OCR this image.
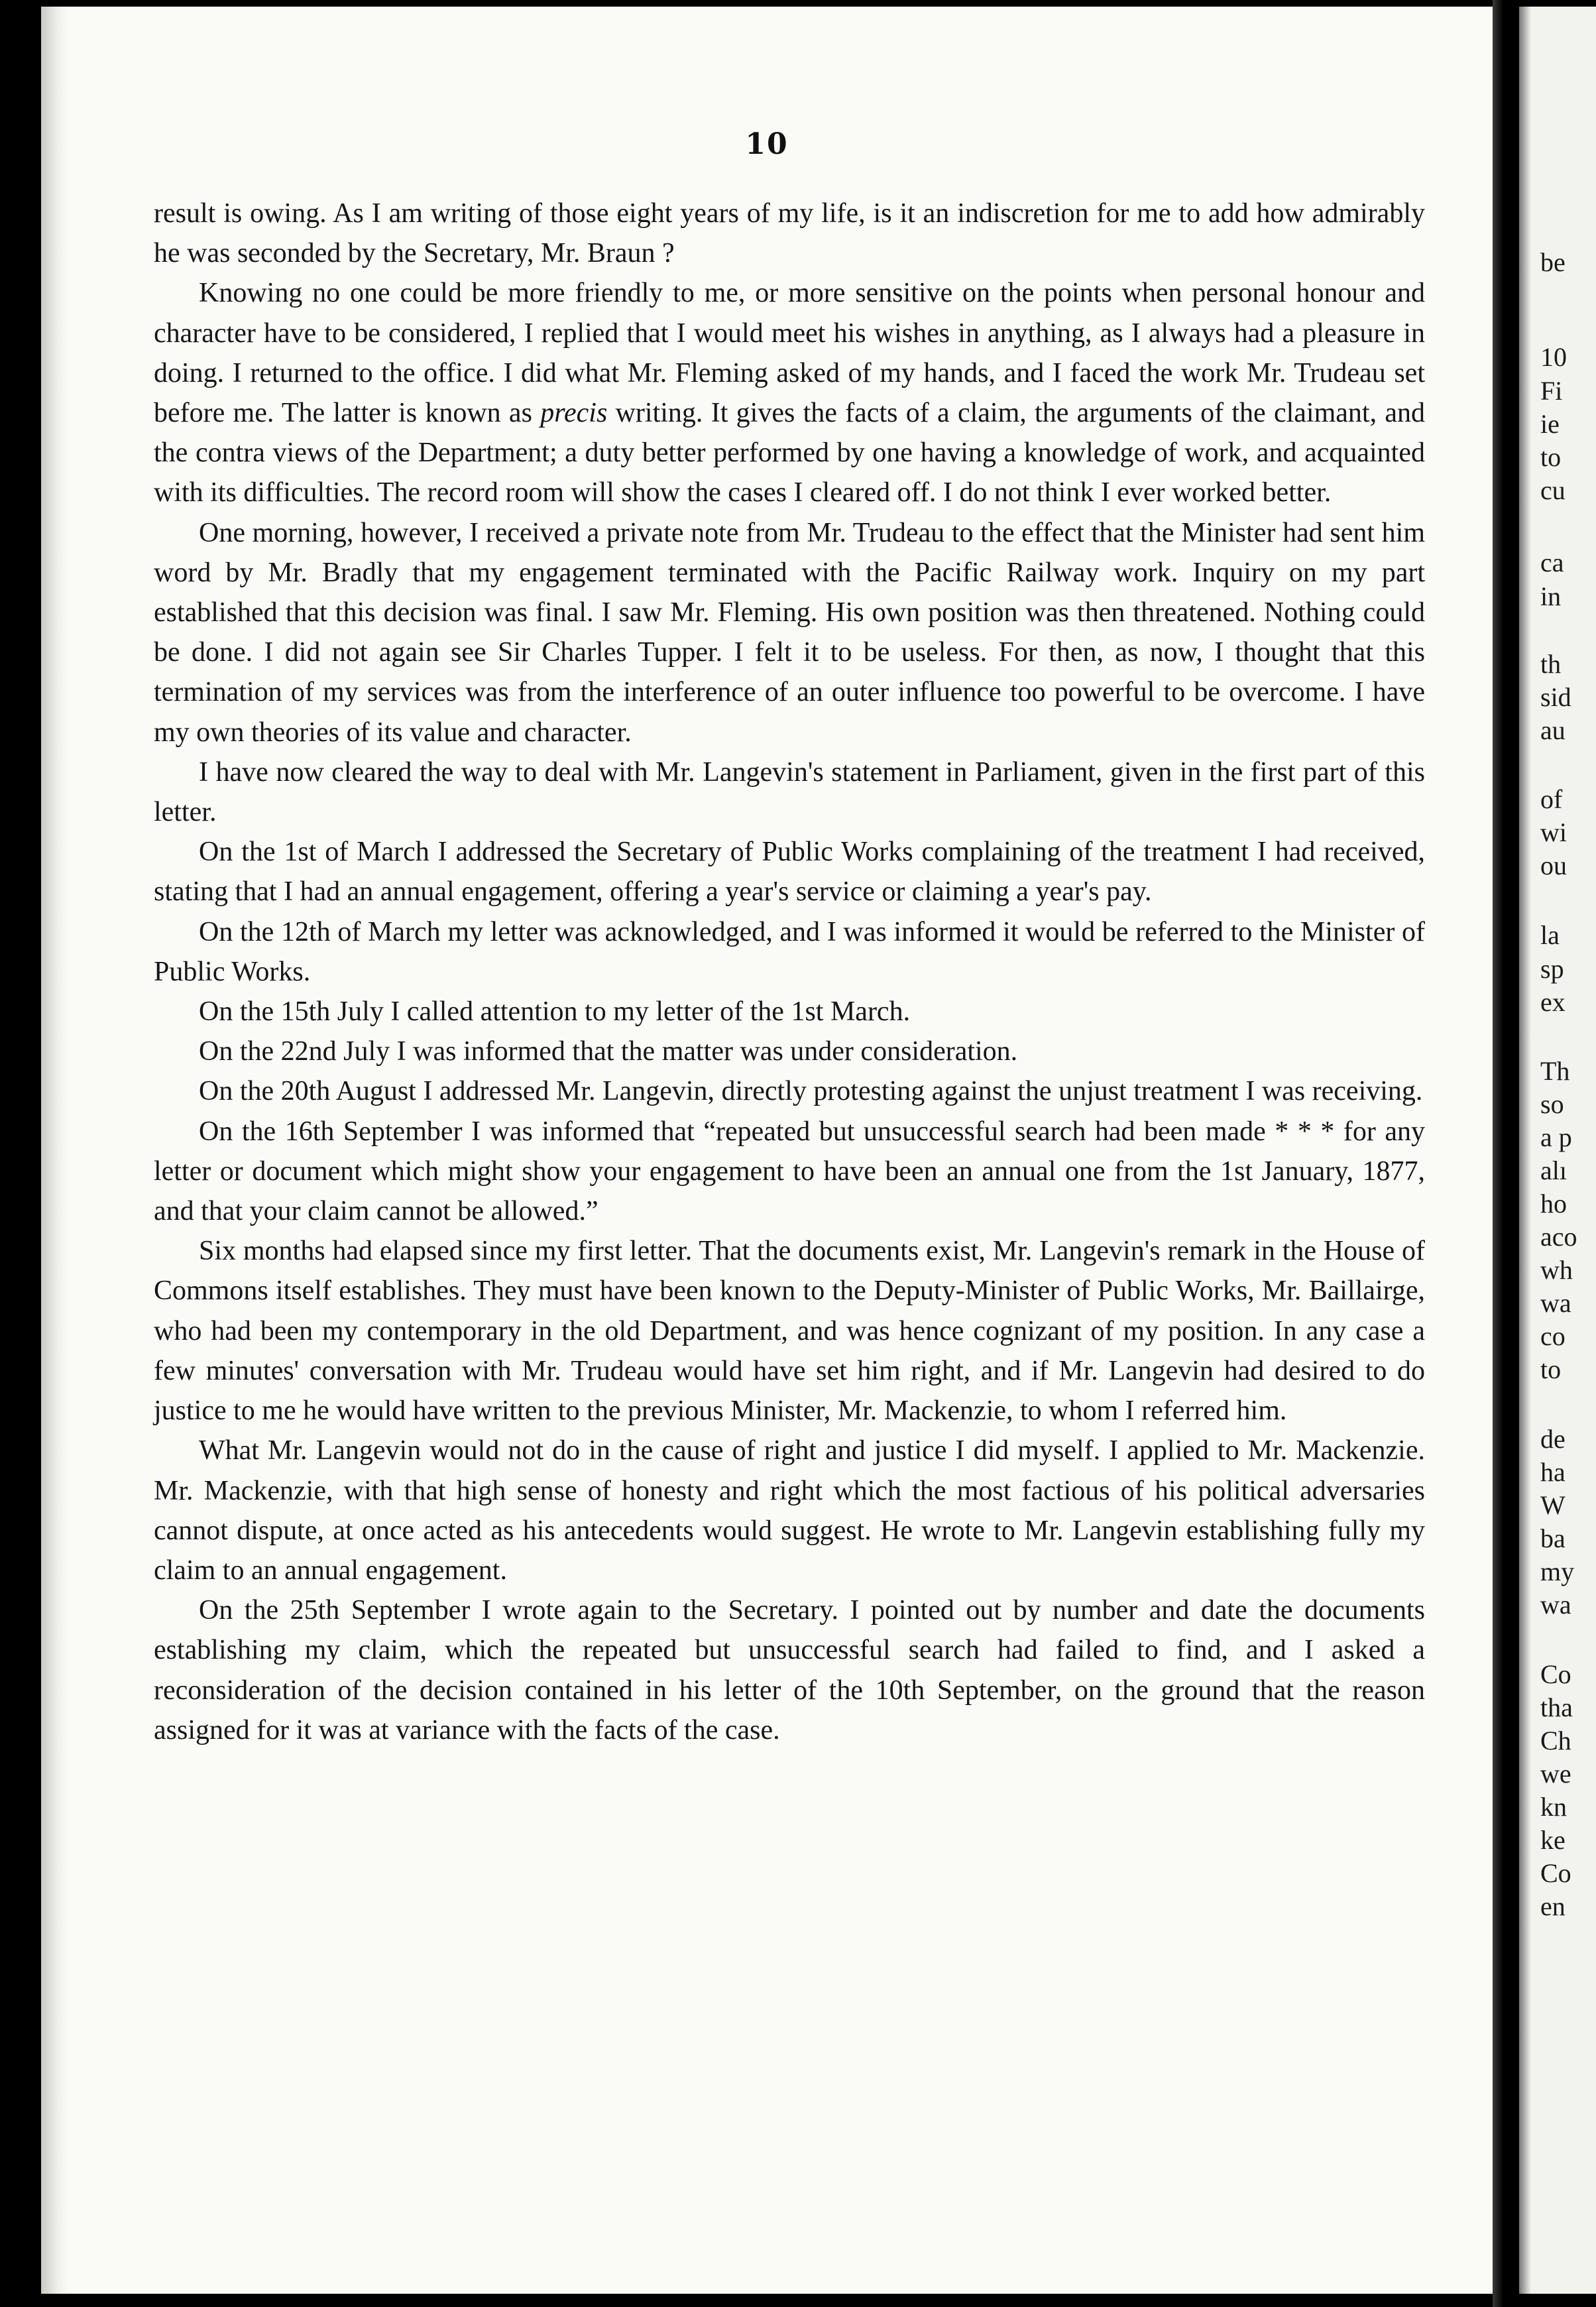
10

result is owing. As I am writing of those eight years of my life, is it an indiscretion for me to add how admirably he was seconded by the Secretary, Mr. Braun ?

Knowing no one could be more friendly to me, or more sensitive on the points when personal honour and character have to be considered, I replied that I would meet his wishes in anything, as I always had a pleasure in doing. I returned to the office. I did what Mr. Fleming asked of my hands, and I faced the work Mr. Trudeau set before me. The latter is known as precis writing. It gives the facts of a claim, the arguments of the claimant, and the contra views of the Department; a duty better performed by one having a knowledge of work, and acquainted with its difficulties. The record room will show the cases I cleared off. I do not think I ever worked better.

One morning, however, I received a private note from Mr. Trudeau to the effect that the Minister had sent him word by Mr. Bradly that my engagement terminated with the Pacific Railway work. Inquiry on my part established that this decision was final. I saw Mr. Fleming. His own position was then threatened. Nothing could be done. I did not again see Sir Charles Tupper. I felt it to be useless. For then, as now, I thought that this termination of my services was from the interference of an outer influence too powerful to be overcome. I have my own theories of its value and character.

I have now cleared the way to deal with Mr. Langevin's statement in Parliament, given in the first part of this letter.

On the 1st of March I addressed the Secretary of Public Works complaining of the treatment I had received, stating that I had an annual engagement, offering a year's service or claiming a year's pay.

On the 12th of March my letter was acknowledged, and I was informed it would be referred to the Minister of Public Works.

On the 15th July I called attention to my letter of the 1st March.

On the 22nd July I was informed that the matter was under consideration.

On the 20th August I addressed Mr. Langevin, directly protesting against the unjust treatment I was receiving.

On the 16th September I was informed that “repeated but unsuccessful search had been made * * * for any letter or document which might show your engagement to have been an annual one from the 1st January, 1877, and that your claim cannot be allowed.”

Six months had elapsed since my first letter. That the documents exist, Mr. Langevin's remark in the House of Commons itself establishes. They must have been known to the Deputy-Minister of Public Works, Mr. Baillairge, who had been my contemporary in the old Department, and was hence cognizant of my position. In any case a few minutes' conversation with Mr. Trudeau would have set him right, and if Mr. Langevin had desired to do justice to me he would have written to the previous Minister, Mr. Mackenzie, to whom I referred him.

What Mr. Langevin would not do in the cause of right and justice I did myself. I applied to Mr. Mackenzie. Mr. Mackenzie, with that high sense of honesty and right which the most factious of his political adversaries cannot dispute, at once acted as his antecedents would suggest. He wrote to Mr. Langevin establishing fully my claim to an annual engagement.

On the 25th September I wrote again to the Secretary. I pointed out by number and date the documents establishing my claim, which the repeated but unsuccessful search had failed to find, and I asked a reconsideration of the decision contained in his letter of the 10th September, on the ground that the reason assigned for it was at variance with the facts of the case.

be
10
Fi
ie
to
cu
ca
in
th
sid
au
of
wi
ou
la
sp
ex
Th
so
a p
alı
ho
aco
wh
wa
co
to
de
ha
W
ba
my
wa
Co
tha
Ch
we
kn
ke
Co
en
